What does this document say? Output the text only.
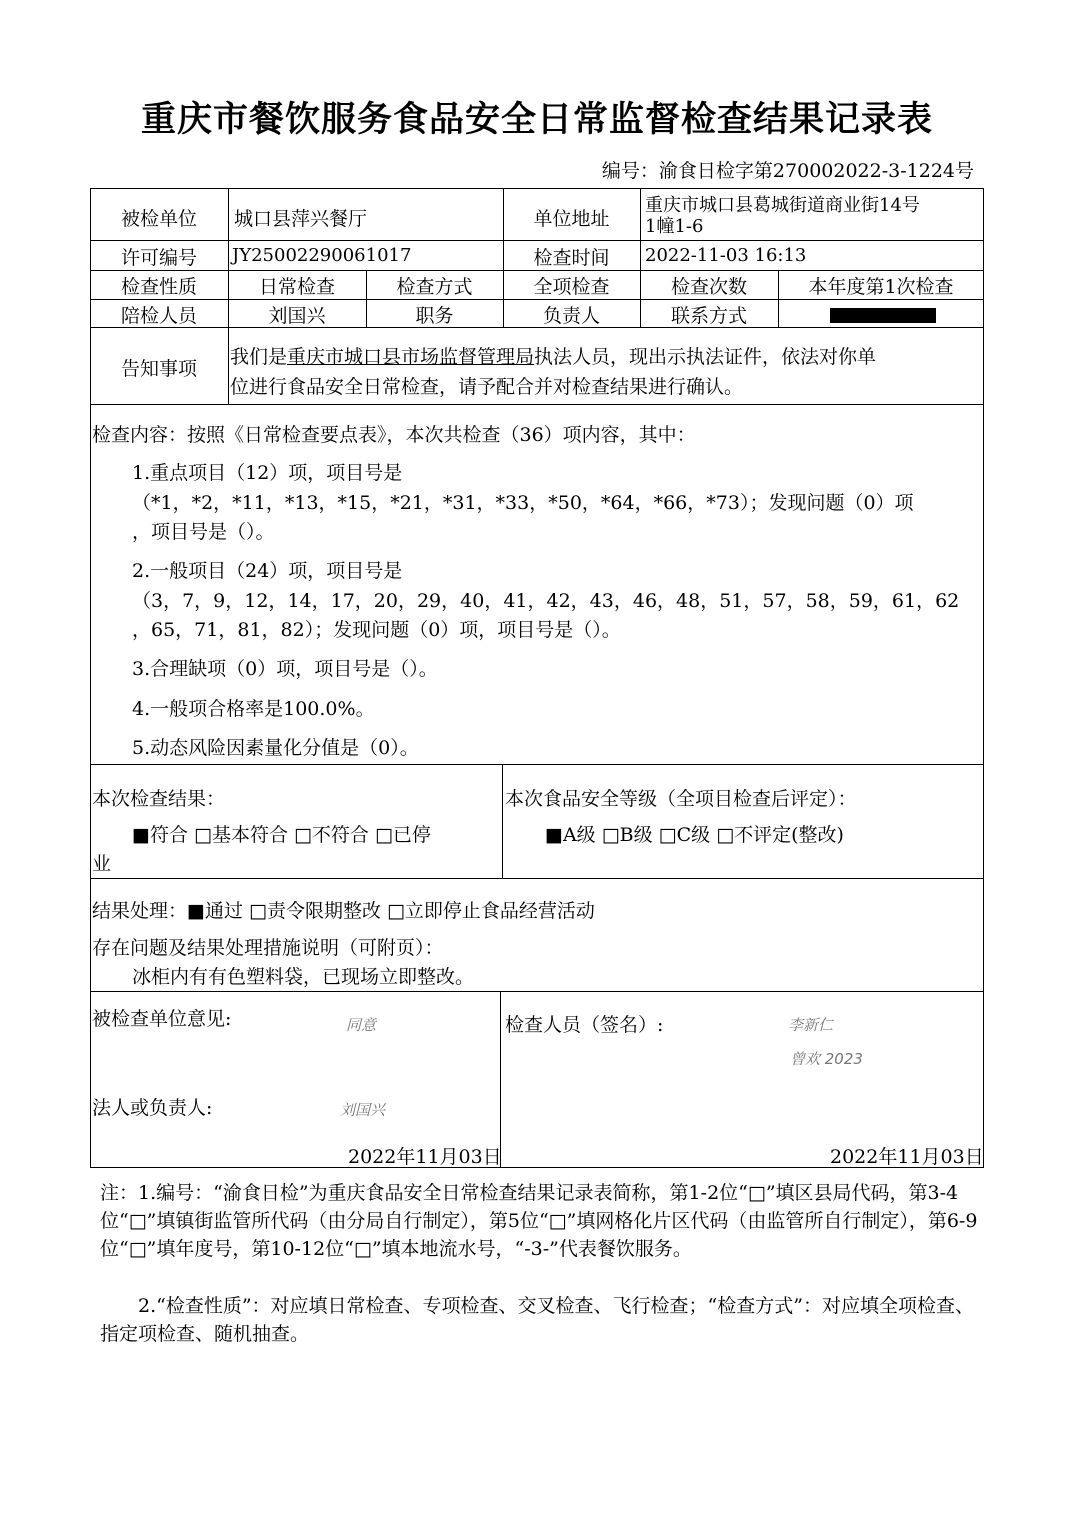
重庆市餐饮服务食品安全日常监督检查结果记录表
编号：渝食日检字第270002022-3-1224号
被检单位	城口县萍兴餐厅	单位地址
重庆市城口县葛城街道商业街14号
1幢1-6
许可编号	JY25002290061017	检查时间	2022-11-03 16:13
检查性质	日常检查	检查方式	全项检查	检查次数	本年度第1次检查
陪检人员	刘国兴	职务	负责人	联系方式
告知事项
我们是重庆市城口县市场监督管理局执法人员，现出示执法证件，依法对你单
位进行食品安全日常检查，请予配合并对检查结果进行确认。
检查内容：按照《日常检查要点表》，本次共检查（36）项内容，其中：
1.重点项目（12）项，项目号是
（*1，*2，*11，*13，*15，*21，*31，*33，*50，*64，*66，*73）；发现问题（0）项
，项目号是（）。
2.一般项目（24）项，项目号是
（3，7，9，12，14，17，20，29，40，41，42，43，46，48，51，57，58，59，61，62
，65，71，81，82）；发现问题（0）项，项目号是（）。
3.合理缺项（0）项，项目号是（）。
4.一般项合格率是100.0%。
5.动态风险因素量化分值是（0）。
本次检查结果：
■符合 □基本符合 □不符合 □已停
业
本次食品安全等级（全项目检查后评定）：
■A级 □B级 □C级 □不评定(整改)
结果处理：■通过 □责令限期整改 □立即停止食品经营活动
存在问题及结果处理措施说明（可附页）：
冰柜内有有色塑料袋，已现场立即整改。
被检查单位意见:	同意
法人或负责人:	刘国兴
2022年11月03日
检查人员（签名）:	李新仁
曾欢 2023
2022年11月03日
注：1.编号：“渝食日检”为重庆食品安全日常检查结果记录表简称，第1-2位“□”填区县局代码，第3-4位“□”填镇街监管所代码（由分局自行制定），第5位“□”填网格化片区代码（由监管所自行制定），第6-9位“□”填年度号，第10-12位“□”填本地流水号，“-3-”代表餐饮服务。
2.“检查性质”：对应填日常检查、专项检查、交叉检查、飞行检查；“检查方式”：对应填全项检查、指定项检查、随机抽查。
